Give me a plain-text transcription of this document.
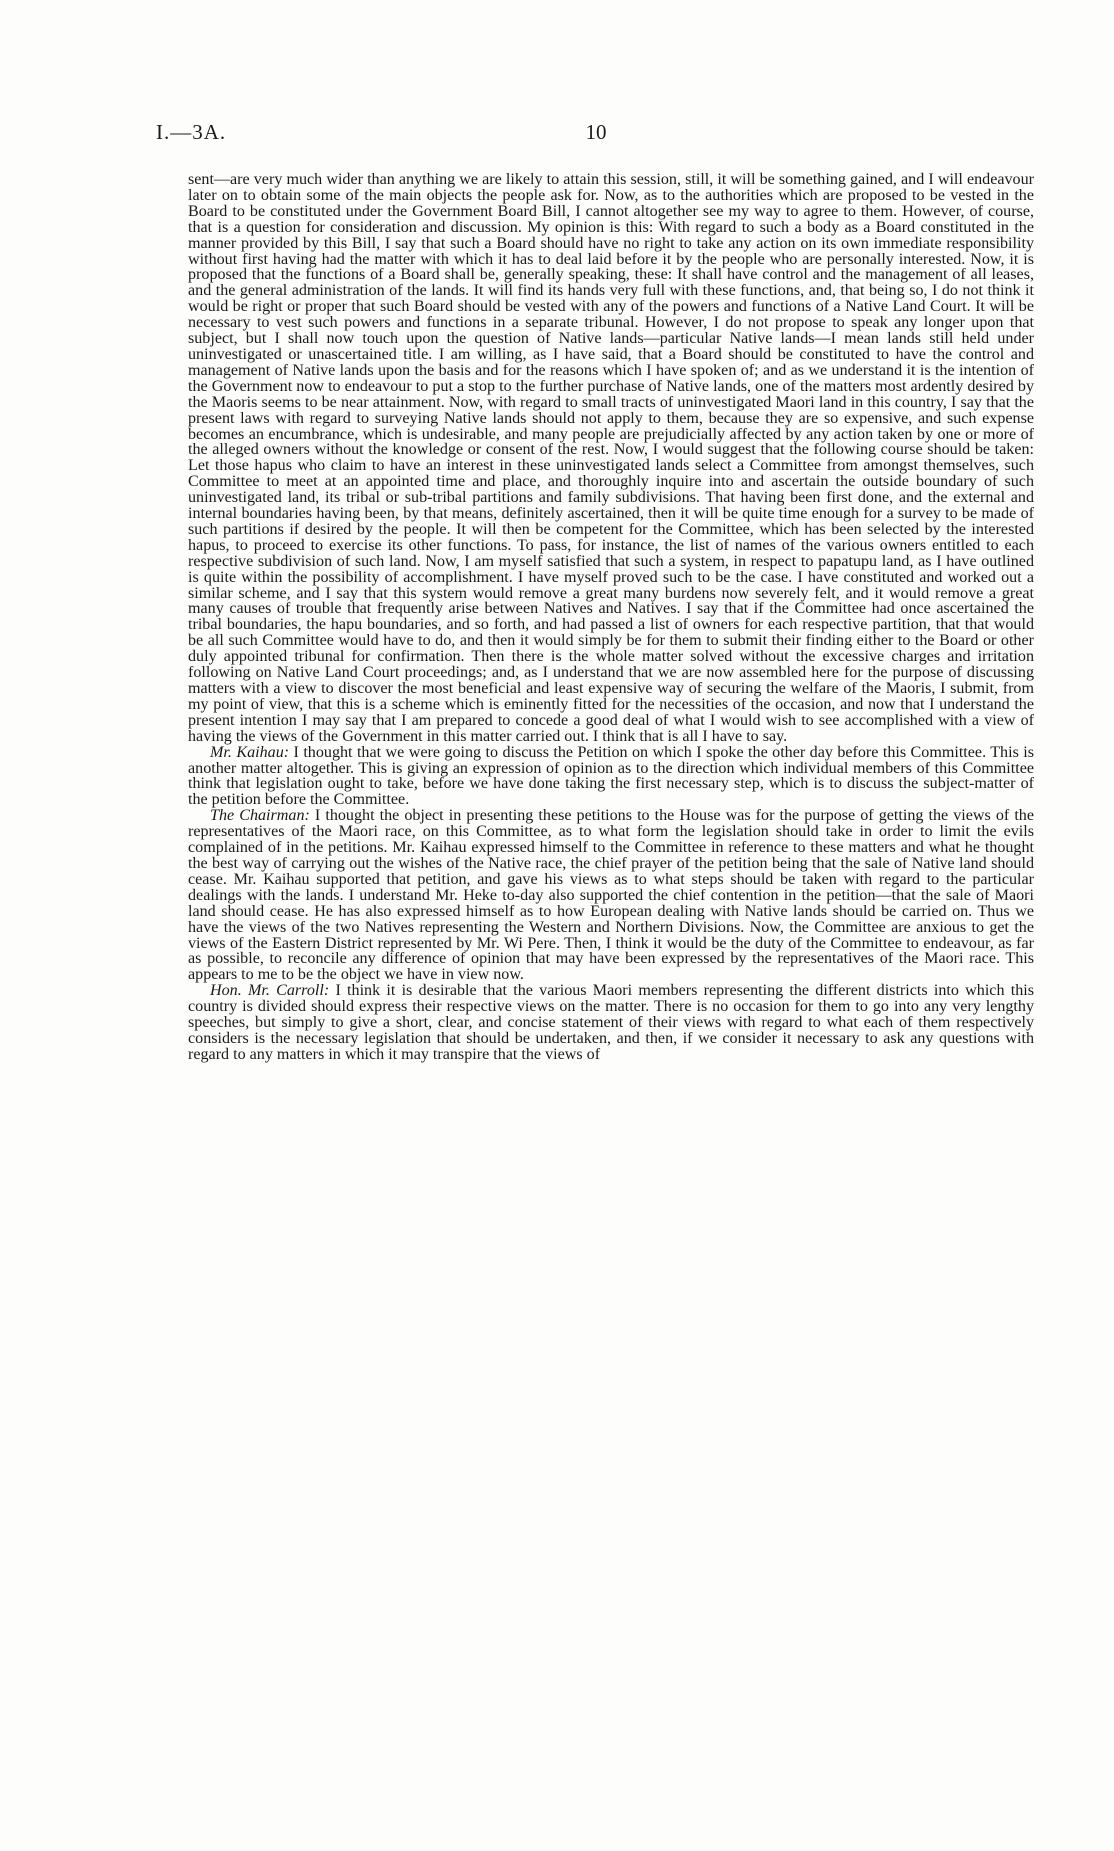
I.—3A.	10

sent—are very much wider than anything we are likely to attain this session, still, it will be something gained, and I will endeavour later on to obtain some of the main objects the people ask for. Now, as to the authorities which are proposed to be vested in the Board to be constituted under the Government Board Bill, I cannot altogether see my way to agree to them. However, of course, that is a question for consideration and discussion. My opinion is this: With regard to such a body as a Board constituted in the manner provided by this Bill, I say that such a Board should have no right to take any action on its own immediate responsibility without first having had the matter with which it has to deal laid before it by the people who are personally interested. Now, it is proposed that the functions of a Board shall be, generally speaking, these: It shall have control and the management of all leases, and the general administration of the lands. It will find its hands very full with these functions, and, that being so, I do not think it would be right or proper that such Board should be vested with any of the powers and functions of a Native Land Court. It will be necessary to vest such powers and functions in a separate tribunal. However, I do not propose to speak any longer upon that subject, but I shall now touch upon the question of Native lands—particular Native lands—I mean lands still held under uninvestigated or unascertained title. I am willing, as I have said, that a Board should be constituted to have the control and management of Native lands upon the basis and for the reasons which I have spoken of; and as we understand it is the intention of the Government now to endeavour to put a stop to the further purchase of Native lands, one of the matters most ardently desired by the Maoris seems to be near attainment. Now, with regard to small tracts of uninvestigated Maori land in this country, I say that the present laws with regard to surveying Native lands should not apply to them, because they are so expensive, and such expense becomes an encumbrance, which is undesirable, and many people are prejudicially affected by any action taken by one or more of the alleged owners without the knowledge or consent of the rest. Now, I would suggest that the following course should be taken: Let those hapus who claim to have an interest in these uninvestigated lands select a Committee from amongst themselves, such Committee to meet at an appointed time and place, and thoroughly inquire into and ascertain the outside boundary of such uninvestigated land, its tribal or sub-tribal partitions and family subdivisions. That having been first done, and the external and internal boundaries having been, by that means, definitely ascertained, then it will be quite time enough for a survey to be made of such partitions if desired by the people. It will then be competent for the Committee, which has been selected by the interested hapus, to proceed to exercise its other functions. To pass, for instance, the list of names of the various owners entitled to each respective subdivision of such land. Now, I am myself satisfied that such a system, in respect to papatupu land, as I have outlined is quite within the possibility of accomplishment. I have myself proved such to be the case. I have constituted and worked out a similar scheme, and I say that this system would remove a great many burdens now severely felt, and it would remove a great many causes of trouble that frequently arise between Natives and Natives. I say that if the Committee had once ascertained the tribal boundaries, the hapu boundaries, and so forth, and had passed a list of owners for each respective partition, that that would be all such Committee would have to do, and then it would simply be for them to submit their finding either to the Board or other duly appointed tribunal for confirmation. Then there is the whole matter solved without the excessive charges and irritation following on Native Land Court proceedings; and, as I understand that we are now assembled here for the purpose of discussing matters with a view to discover the most beneficial and least expensive way of securing the welfare of the Maoris, I submit, from my point of view, that this is a scheme which is eminently fitted for the necessities of the occasion, and now that I understand the present intention I may say that I am prepared to concede a good deal of what I would wish to see accomplished with a view of having the views of the Government in this matter carried out. I think that is all I have to say.

Mr. Kaihau: I thought that we were going to discuss the Petition on which I spoke the other day before this Committee. This is another matter altogether. This is giving an expression of opinion as to the direction which individual members of this Committee think that legislation ought to take, before we have done taking the first necessary step, which is to discuss the subject-matter of the petition before the Committee.

The Chairman: I thought the object in presenting these petitions to the House was for the purpose of getting the views of the representatives of the Maori race, on this Committee, as to what form the legislation should take in order to limit the evils complained of in the petitions. Mr. Kaihau expressed himself to the Committee in reference to these matters and what he thought the best way of carrying out the wishes of the Native race, the chief prayer of the petition being that the sale of Native land should cease. Mr. Kaihau supported that petition, and gave his views as to what steps should be taken with regard to the particular dealings with the lands. I understand Mr. Heke to-day also supported the chief contention in the petition—that the sale of Maori land should cease. He has also expressed himself as to how European dealing with Native lands should be carried on. Thus we have the views of the two Natives representing the Western and Northern Divisions. Now, the Committee are anxious to get the views of the Eastern District represented by Mr. Wi Pere. Then, I think it would be the duty of the Committee to endeavour, as far as possible, to reconcile any difference of opinion that may have been expressed by the representatives of the Maori race. This appears to me to be the object we have in view now.

Hon. Mr. Carroll: I think it is desirable that the various Maori members representing the different districts into which this country is divided should express their respective views on the matter. There is no occasion for them to go into any very lengthy speeches, but simply to give a short, clear, and concise statement of their views with regard to what each of them respectively considers is the necessary legislation that should be undertaken, and then, if we consider it necessary to ask any questions with regard to any matters in which it may transpire that the views of
